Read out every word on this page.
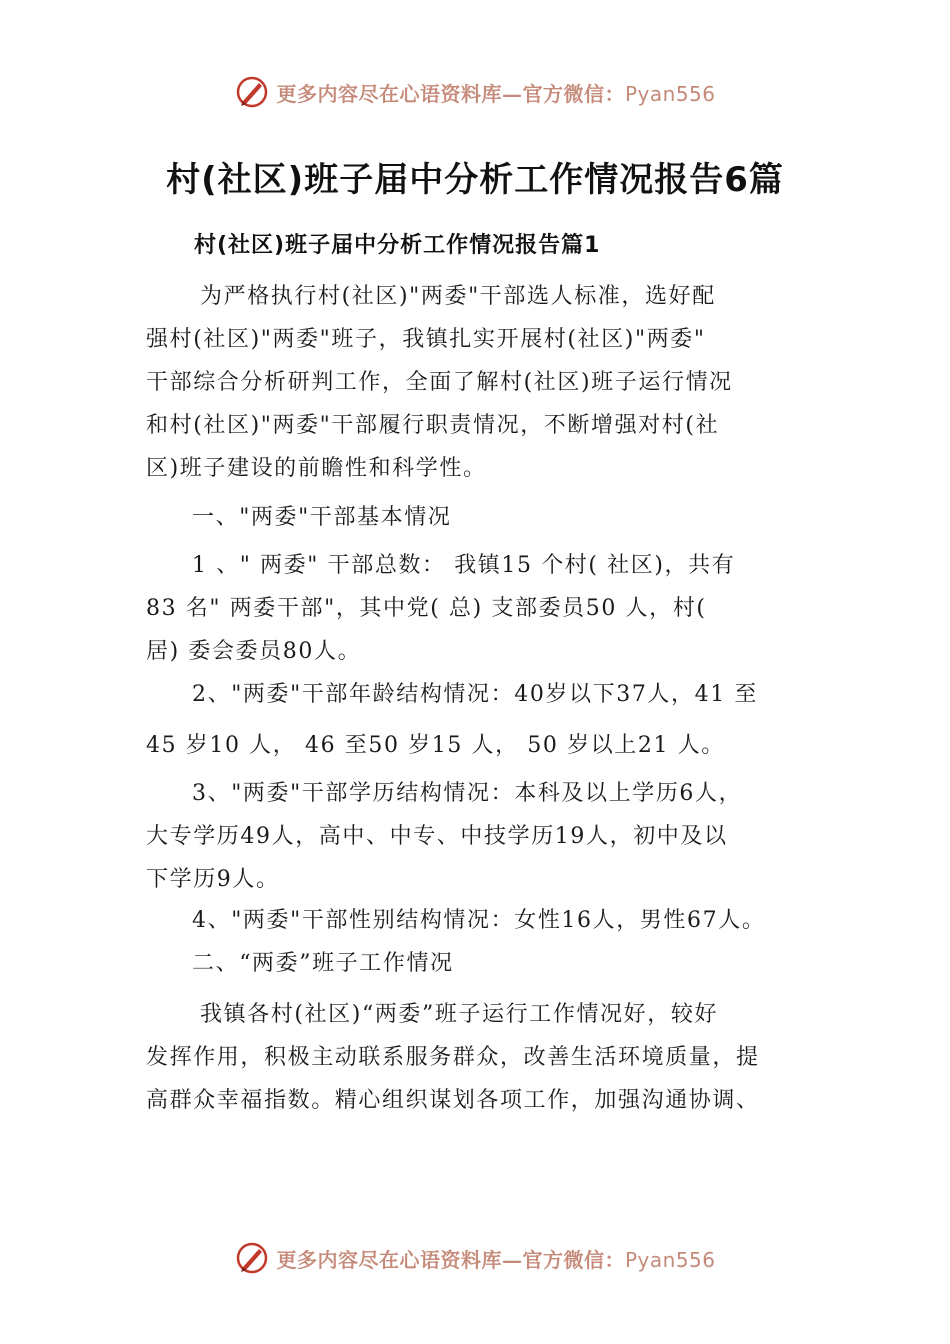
更多内容尽在心语资料库—官方微信：Pyan556
村(社区)班子届中分析工作情况报告6篇
村(社区)班子届中分析工作情况报告篇1
为严格执行村(社区)"两委"干部选人标准，选好配
强村(社区)"两委"班子，我镇扎实开展村(社区)"两委"
干部综合分析研判工作，全面了解村(社区)班子运行情况
和村(社区)"两委"干部履行职责情况，不断增强对村(社
区)班子建设的前瞻性和科学性。
一、"两委"干部基本情况
1 、" 两委" 干部总数： 我镇15 个村( 社区)，共有
83 名" 两委干部"，其中党( 总) 支部委员50 人，村(
居) 委会委员80人。
2、"两委"干部年龄结构情况：40岁以下37人，41 至
45 岁10 人， 46 至50 岁15 人， 50 岁以上21 人。
3、"两委"干部学历结构情况：本科及以上学历6人，
大专学历49人，高中、中专、中技学历19人，初中及以
下学历9人。
4、"两委"干部性别结构情况：女性16人，男性67人。
二、“两委”班子工作情况
我镇各村(社区)“两委”班子运行工作情况好，较好
发挥作用，积极主动联系服务群众，改善生活环境质量，提
高群众幸福指数。精心组织谋划各项工作，加强沟通协调、
更多内容尽在心语资料库—官方微信：Pyan556
